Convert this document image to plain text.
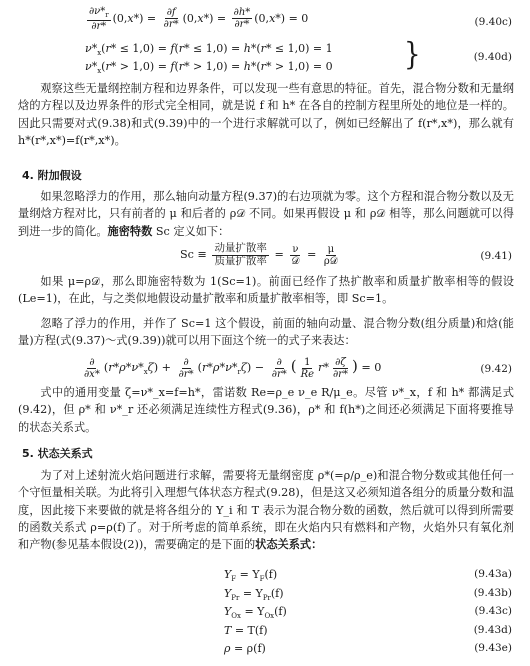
$\frac{\partial\nu*_r}{\partial r*} (0,x*) = \frac{\partial f}{\partial r*} (0,x*) = \frac{\partial h*}{\partial r*} (0,x*) = 0$	(9.40c)
$\nu*_x(r* \le 1,0) = f(r* \le 1,0) = h*(r* \le 1,0) = 1$
$\nu*_x(r* > 1,0) = f(r* > 1,0) = h*(r* > 1,0) = 0$	}	(9.40d)

观察这些无量纲控制方程和边界条件，可以发现一些有意思的特征。首先，混合物分数和无量纲焓的方程以及边界条件的形式完全相同，就是说 f 和 h* 在各自的控制方程里所处的地位是一样的。因此只需要对式(9.38)和式(9.39)中的一个进行求解就可以了，例如已经解出了 f(r*,x*)，那么就有 h*(r*,x*)=f(r*,x*)。

4. 附加假设

如果忽略浮力的作用，那么轴向动量方程(9.37)的右边项就为零。这个方程和混合物分数以及无量纲焓方程对比，只有前者的 μ 和后者的 ρ𝒟 不同。如果再假设 μ 和 ρ𝒟 相等，那么问题就可以得到进一步的简化。施密特数 Sc 定义如下：

$Sc \equiv \frac{\text{动量扩散率}}{\text{质量扩散率}} = \frac{\nu}{\text{𝒟}} = \frac{\mu}{\text{ρ𝒟}}$	(9.41)

如果 μ=ρ𝒟，那么即施密特数为 1(Sc=1)。前面已经作了热扩散率和质量扩散率相等的假设(Le=1)，在此，与之类似地假设动量扩散率和质量扩散率相等，即 Sc=1。

忽略了浮力的作用，并作了 Sc=1 这个假设，前面的轴向动量、混合物分数(组分质量)和焓(能量)方程(式(9.37)～式(9.39))就可以用下面这个统一的式子来表达：

$\frac{\partial}{\partial x*} (r*\rho*\nu*_x\zeta) + \frac{\partial}{\partial r*} (r*\rho*\nu*_r\zeta) - \frac{\partial}{\partial r*}$ ( $\frac{1}{Re} r* \frac{\partial\zeta}{\partial r*}$ ) = 0	(9.42)

式中的通用变量 ζ=ν*_x=f=h*，雷诺数 Re=ρ_e ν_e R/μ_e。尽管 ν*_x，f 和 h* 都满足式(9.42)，但 ρ* 和 ν*_r 还必须满足连续性方程式(9.36)，ρ* 和 f(h*)之间还必须满足下面将要推导的状态关系式。

5. 状态关系式

为了对上述射流火焰问题进行求解，需要将无量纲密度 ρ*(=ρ/ρ_e)和混合物分数或其他任何一个守恒量相关联。为此将引入理想气体状态方程式(9.28)，但是这又必须知道各组分的质量分数和温度，因此接下来要做的就是将各组分的 Y_i 和 T 表示为混合物分数的函数，然后就可以得到所需要的函数关系式 ρ=ρ(f)了。对于所考虑的简单系统，即在火焰内只有燃料和产物，火焰外只有氧化剂和产物(参见基本假设(2))，需要确定的是下面的状态关系式：

$Y_F = Y_F(f)$	(9.43a)
$Y_{Pr} = Y_{Pr}(f)$	(9.43b)
$Y_{Ox} = Y_{Ox}(f)$	(9.43c)
T = T(f)	(9.43d)
ρ = ρ(f)	(9.43e)
